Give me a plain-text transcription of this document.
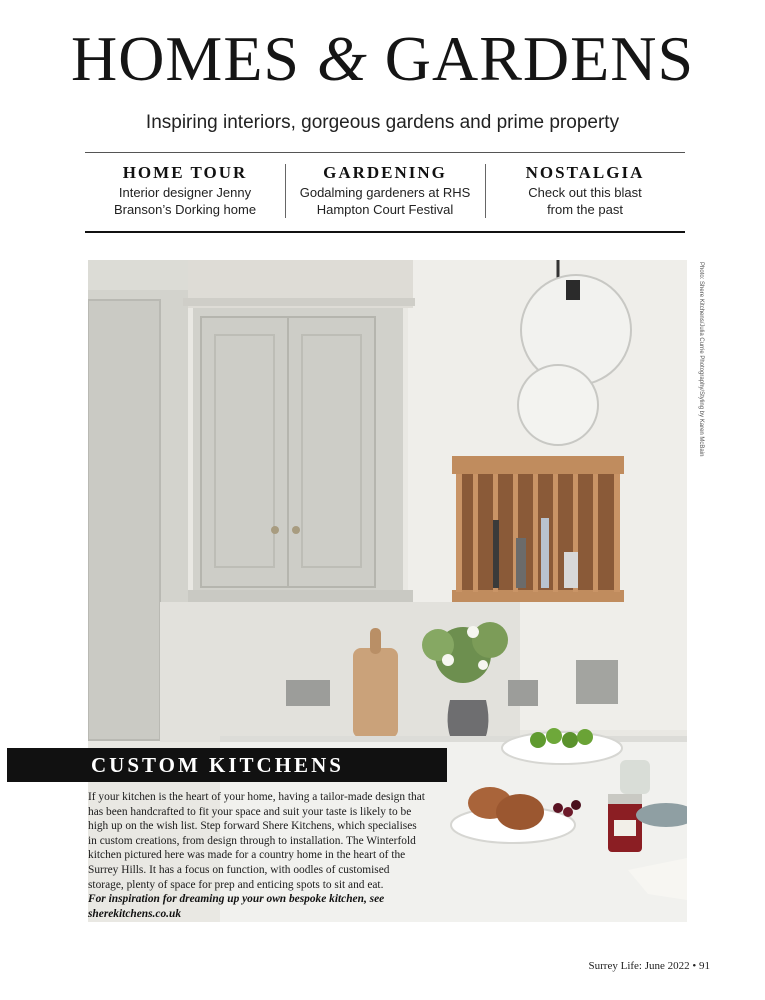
HOMES & GARDENS
Inspiring interiors, gorgeous gardens and prime property
HOME TOUR
Interior designer Jenny
Branson’s Dorking home
GARDENING
Godalming gardeners at RHS
Hampton Court Festival
NOSTALGIA
Check out this blast
from the past
Photo: Shere Kitchens/Julia Currie Photography/Styling by Karen McBain
CUSTOM KITCHENS

If your kitchen is the heart of your home, having a tailor-made design that has been handcrafted to fit your space and suit your taste is likely to be high up on the wish list. Step forward Shere Kitchens, which specialises in custom creations, from design through to installation. The Winterfold kitchen pictured here was made for a country home in the heart of the Surrey Hills. It has a focus on function, with oodles of customised storage, plenty of space for prep and enticing spots to sit and eat.

For inspiration for dreaming up your own bespoke kitchen, see sherekitchens.co.uk

Surrey Life: June 2022 • 91
